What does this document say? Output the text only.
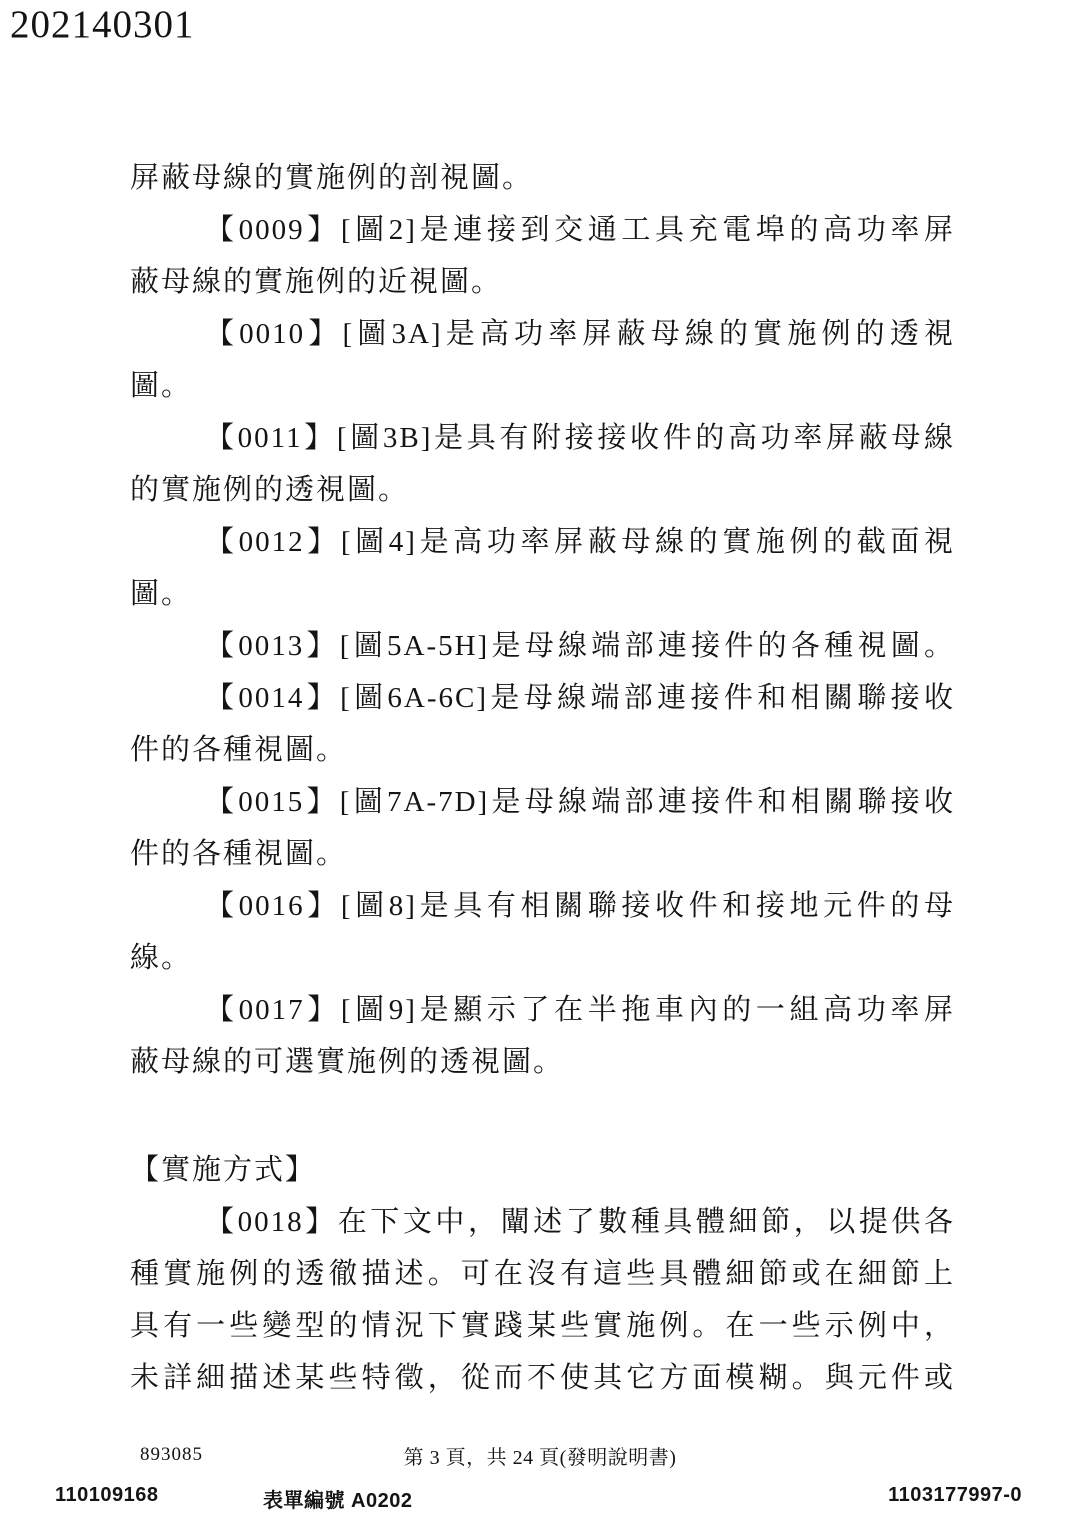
202140301
屏蔽母線的實施例的剖視圖。
【0009】[圖2]是連接到交通工具充電埠的高功率屏
蔽母線的實施例的近視圖。
【0010】[圖3A]是高功率屏蔽母線的實施例的透視
圖。
【0011】[圖3B]是具有附接接收件的高功率屏蔽母線
的實施例的透視圖。
【0012】[圖4]是高功率屏蔽母線的實施例的截面視
圖。
【0013】[圖5A-5H]是母線端部連接件的各種視圖。
【0014】[圖6A-6C]是母線端部連接件和相關聯接收
件的各種視圖。
【0015】[圖7A-7D]是母線端部連接件和相關聯接收
件的各種視圖。
【0016】[圖8]是具有相關聯接收件和接地元件的母
線。
【0017】[圖9]是顯示了在半拖車內的一組高功率屏
蔽母線的可選實施例的透視圖。
【實施方式】
【0018】在下文中，闡述了數種具體細節，以提供各
種實施例的透徹描述。可在沒有這些具體細節或在細節上
具有一些變型的情況下實踐某些實施例。在一些示例中，
未詳細描述某些特徵，從而不使其它方面模糊。與元件或
893085	第 3 頁，共 24 頁(發明說明書)
110109168	表單編號 A0202	1103177997-0
